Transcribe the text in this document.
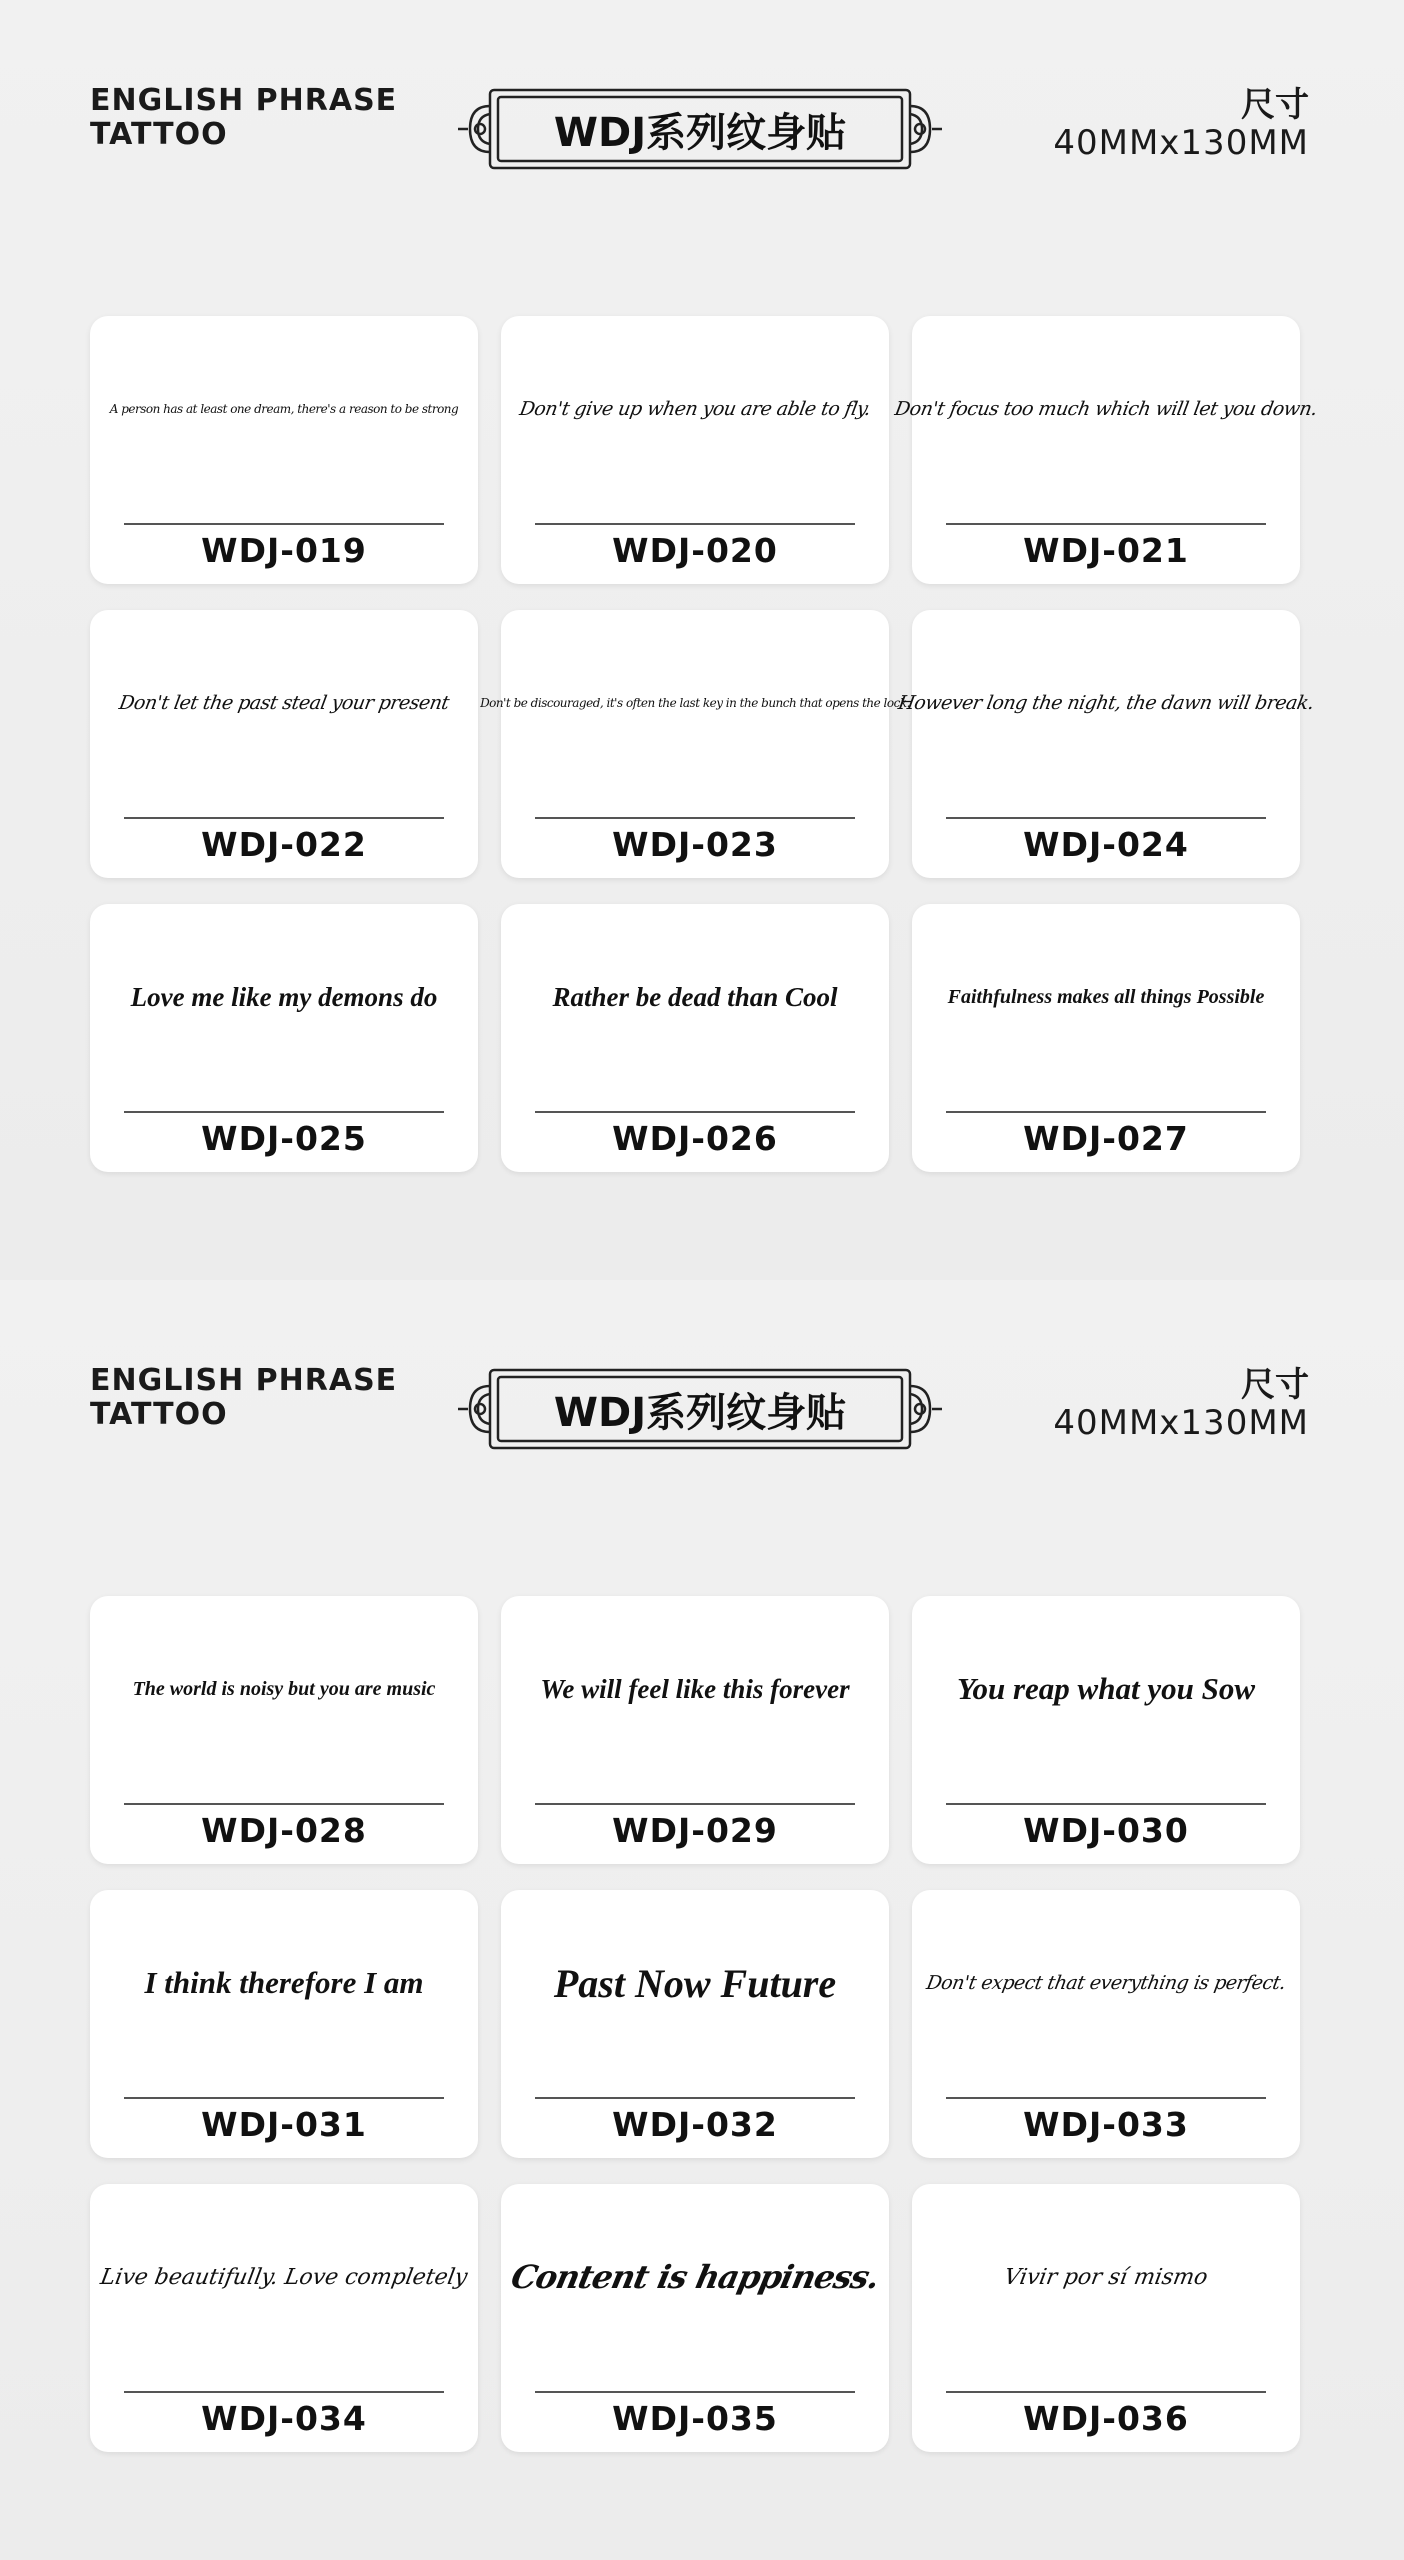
ENGLISH PHRASE
TATTOO	WDJ系列纹身贴
尺寸
40MMx130MM
A person has at least one dream, there's a reason to be strong
WDJ-019
Don't give up when you are able to fly.
WDJ-020
Don't focus too much which will let you down.
WDJ-021
Don't let the past steal your present
WDJ-022
Don't be discouraged, it's often the last key in the bunch that opens the lock.
WDJ-023
However long the night, the dawn will break.
WDJ-024
Love me like my demons do
WDJ-025
Rather be dead than Cool
WDJ-026
Faithfulness makes all things Possible
WDJ-027
ENGLISH PHRASE
TATTOO	WDJ系列纹身贴
尺寸
40MMx130MM
The world is noisy but you are music
WDJ-028
We will feel like this forever
WDJ-029
You reap what you Sow
WDJ-030
I think therefore I am
WDJ-031
Past Now Future
WDJ-032
Don't expect that everything is perfect.
WDJ-033
Live beautifully. Love completely
WDJ-034
Content is happiness.
WDJ-035
Vivir por sí mismo
WDJ-036
